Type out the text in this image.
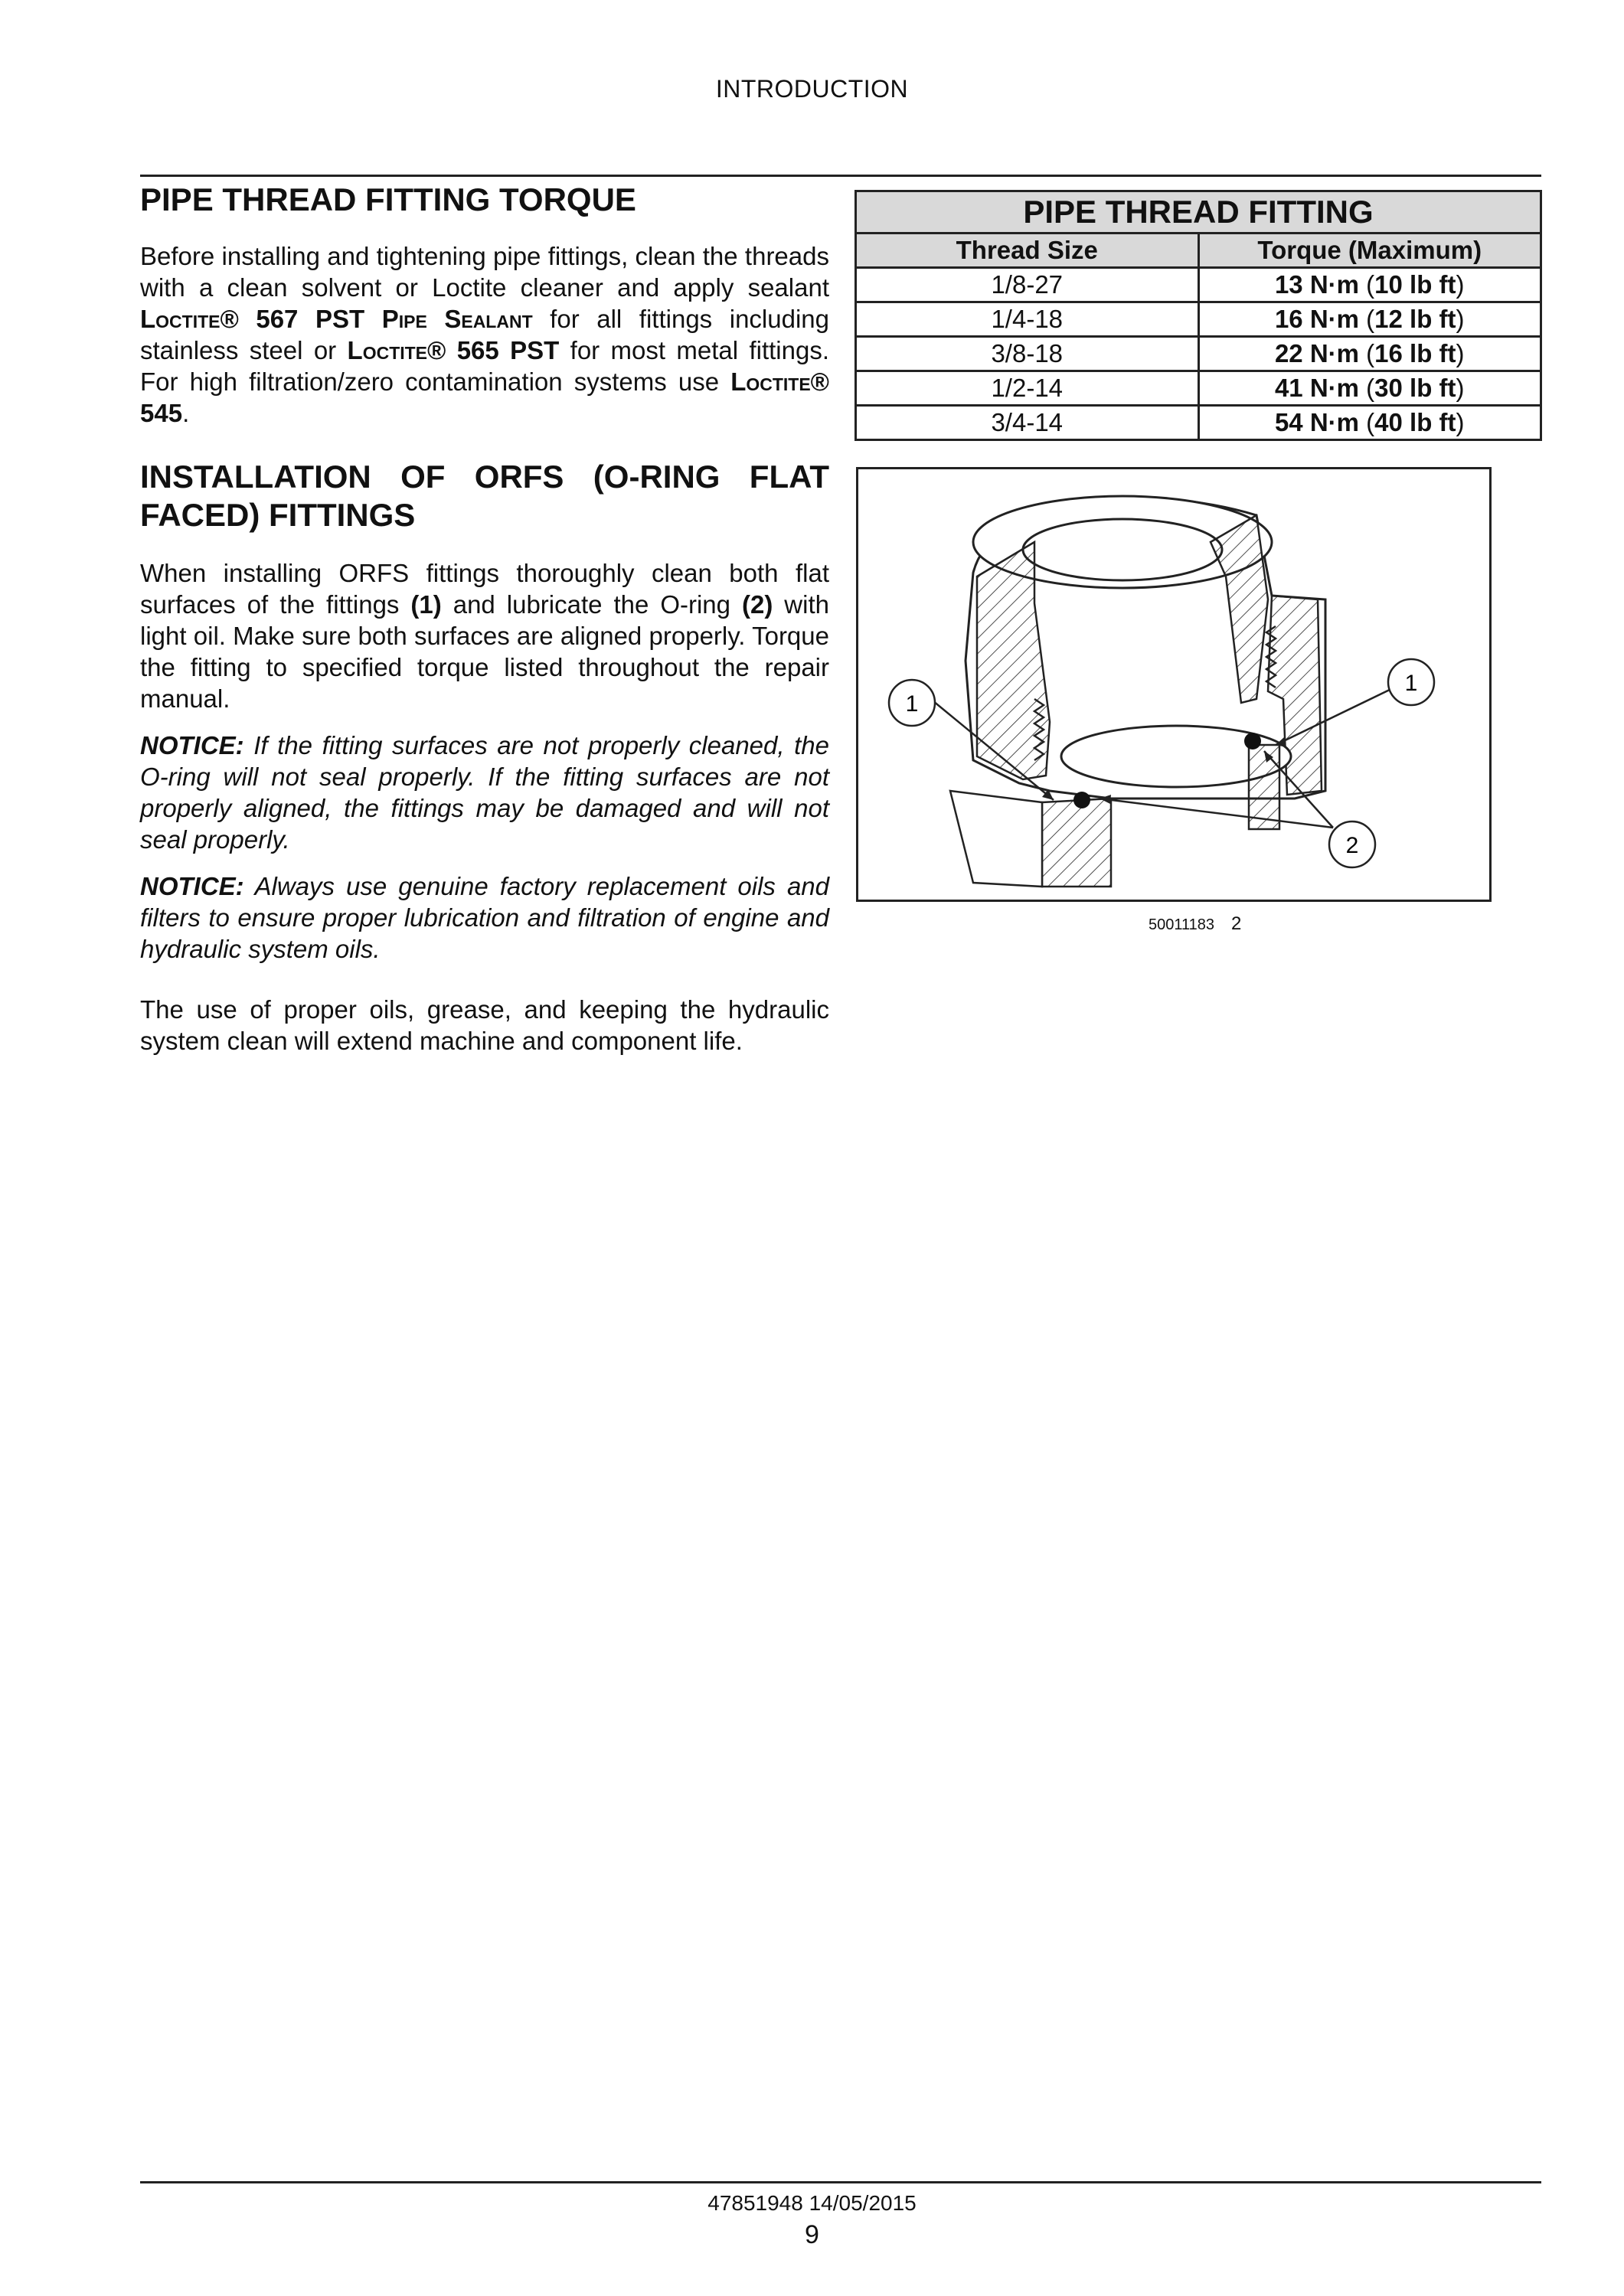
INTRODUCTION
PIPE THREAD FITTING TORQUE

Before installing and tightening pipe fittings, clean the threads with a clean solvent or Loctite cleaner and apply sealant Loctite® 567 PST Pipe Sealant for all fittings including stainless steel or Loctite® 565 PST for most metal fittings. For high filtration/zero contamination systems use Loctite® 545.

INSTALLATION OF ORFS (O-RING FLAT FACED) FITTINGS

When installing ORFS fittings thoroughly clean both flat surfaces of the fittings (1) and lubricate the O-ring (2) with light oil. Make sure both surfaces are aligned properly. Torque the fitting to specified torque listed throughout the repair manual.

NOTICE: If the fitting surfaces are not properly cleaned, the O-ring will not seal properly. If the fitting surfaces are not properly aligned, the fittings may be damaged and will not seal properly.

NOTICE: Always use genuine factory replacement oils and filters to ensure proper lubrication and filtration of engine and hydraulic system oils.

The use of proper oils, grease, and keeping the hydraulic system clean will extend machine and component life.

PIPE THREAD FITTING	
Thread Size	Torque (Maximum)
1/8-27	13 N·m (10 lb ft)
1/4-18	16 N·m (12 lb ft)
3/8-18	22 N·m (16 lb ft)
1/2-14	41 N·m (30 lb ft)
3/4-14	54 N·m (40 lb ft)
1
1
2
50011183 2
47851948 14/05/2015
9
